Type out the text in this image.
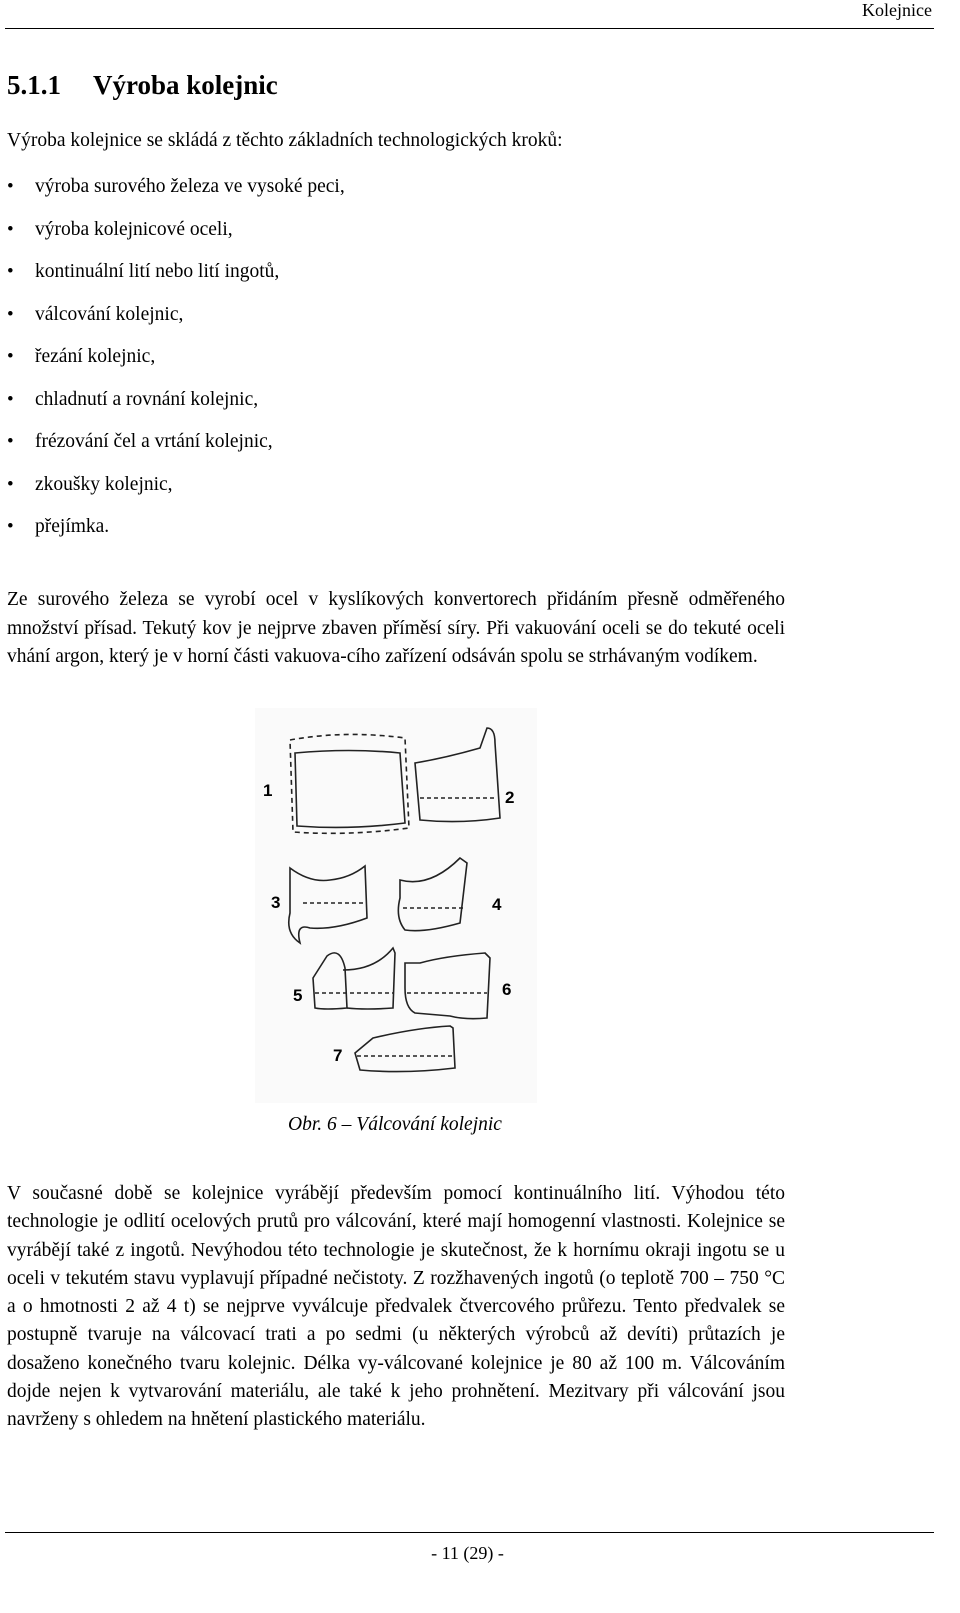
Kolejnice
5.1.1 Výroba kolejnic
Výroba kolejnice se skládá z těchto základních technologických kroků:
• výroba surového železa ve vysoké peci,
• výroba kolejnicové oceli,
• kontinuální lití nebo lití ingotů,
• válcování kolejnic,
• řezání kolejnic,
• chladnutí a rovnání kolejnic,
• frézování čel a vrtání kolejnic,
• zkoušky kolejnic,
• přejímka.
Ze surového železa se vyrobí ocel v kyslíkových konvertorech přidáním přesně odměřeného množství přísad. Tekutý kov je nejprve zbaven příměsí síry. Při vakuování oceli se do tekuté oceli vhání argon, který je v horní části vakuova-cího zařízení odsáván spolu se strhávaným vodíkem.
1	2
3	4
5	6
7
Obr. 6 – Válcování kolejnic
V současné době se kolejnice vyrábějí především pomocí kontinuálního lití. Výhodou této technologie je odlití ocelových prutů pro válcování, které mají homogenní vlastnosti. Kolejnice se vyrábějí také z ingotů. Nevýhodou této technologie je skutečnost, že k hornímu okraji ingotu se u oceli v tekutém stavu vyplavují případné nečistoty. Z rozžhavených ingotů (o teplotě 700 – 750 °C a o hmotnosti 2 až 4 t) se nejprve vyválcuje předvalek čtvercového průřezu. Tento předvalek se postupně tvaruje na válcovací trati a po sedmi (u některých výrobců až devíti) průtazích je dosaženo konečného tvaru kolejnic. Délka vy-válcované kolejnice je 80 až 100 m. Válcováním dojde nejen k vytvarování materiálu, ale také k jeho prohnětení. Mezitvary při válcování jsou navrženy s ohledem na hnětení plastického materiálu.
- 11 (29) -
